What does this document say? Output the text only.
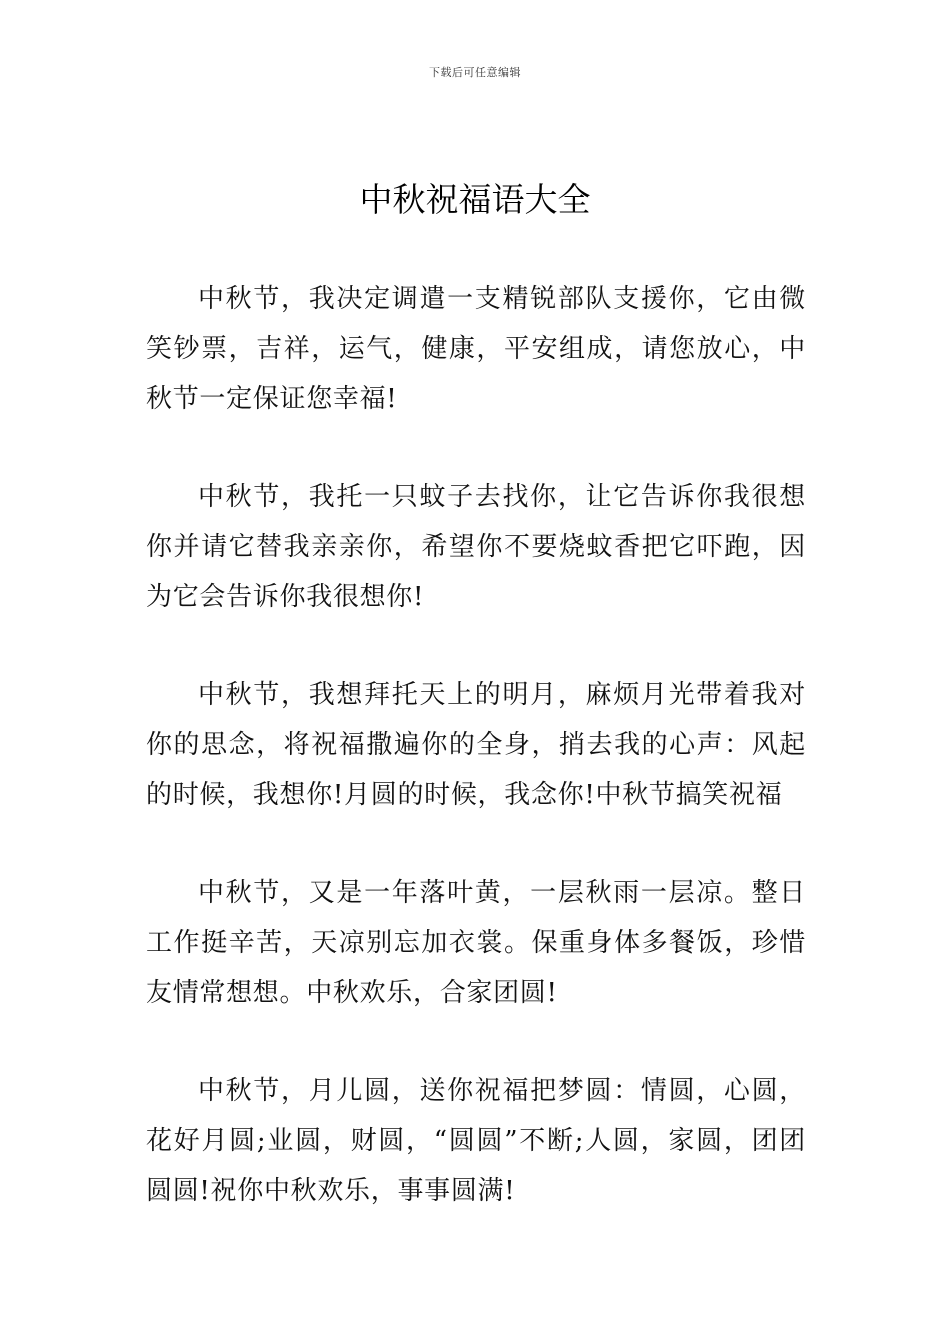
下载后可任意编辑
中秋祝福语大全

中秋节，我决定调遣一支精锐部队支援你，它由微笑钞票，吉祥，运气，健康，平安组成，请您放心，中秋节一定保证您幸福!

中秋节，我托一只蚊子去找你，让它告诉你我很想你并请它替我亲亲你，希望你不要烧蚊香把它吓跑，因为它会告诉你我很想你!

中秋节，我想拜托天上的明月，麻烦月光带着我对你的思念，将祝福撒遍你的全身，捎去我的心声：风起的时候，我想你!月圆的时候，我念你!中秋节搞笑祝福

中秋节，又是一年落叶黄，一层秋雨一层凉。整日工作挺辛苦，天凉别忘加衣裳。保重身体多餐饭，珍惜友情常想想。中秋欢乐，合家团圆!

中秋节，月儿圆，送你祝福把梦圆：情圆，心圆，花好月圆;业圆，财圆，“圆圆”不断;人圆，家圆，团团圆圆!祝你中秋欢乐，事事圆满!
